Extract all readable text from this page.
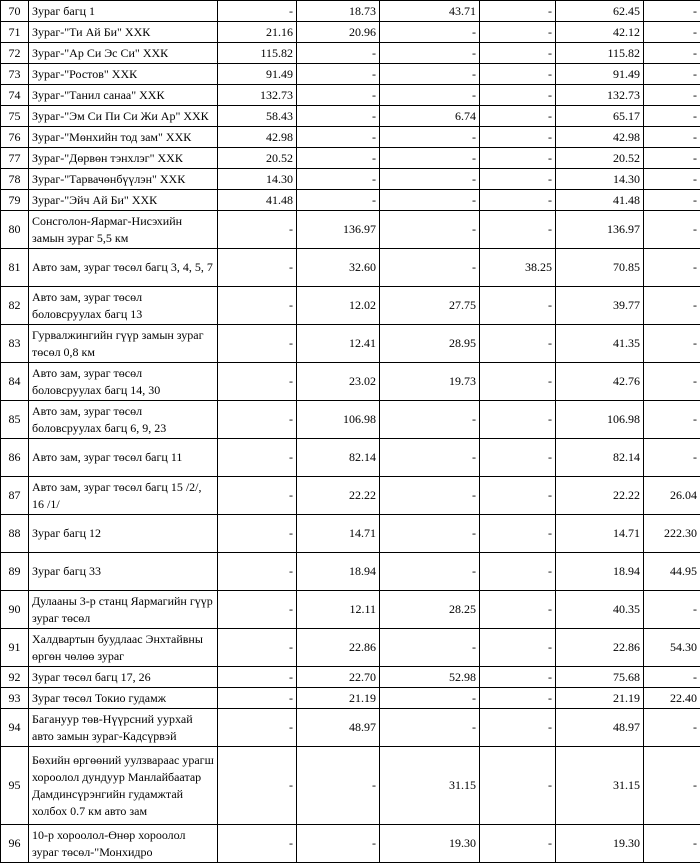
70	Зураг багц 1	-	18.73	43.71	-	62.45	-
71	Зураг-"Ти Ай Би" ХХК	21.16	20.96	-	-	42.12	-
72	Зураг-"Ар Си Эс Си" ХХК	115.82	-	-	-	115.82	-
73	Зураг-"Ростов" ХХК	91.49	-	-	-	91.49	-
74	Зураг-"Танил санаа" ХХК	132.73	-	-	-	132.73	-
75	Зураг-"Эм Си Пи Си Жи Ар" ХХК	58.43	-	6.74	-	65.17	-
76	Зураг-"Мөнхийн тод зам" ХХК	42.98	-	-	-	42.98	-
77	Зураг-"Дөрвөн тэнхлэг" ХХК	20.52	-	-	-	20.52	-
78	Зураг-"Тарвачөнбүүлэн" ХХК	14.30	-	-	-	14.30	-
79	Зураг-"Эйч Ай Би" ХХК	41.48	-	-	-	41.48	-
80	Сонсголон-Яармаг-Нисэхийн замын зураг 5,5 км	-	136.97	-	-	136.97	-
81	Авто зам, зураг төсөл багц 3, 4, 5, 7	-	32.60	-	38.25	70.85	-
82	Авто зам, зураг төсөл боловсруулах багц 13	-	12.02	27.75	-	39.77	-
83	Гурвалжингийн гүүр замын зураг төсөл 0,8 км	-	12.41	28.95	-	41.35	-
84	Авто зам, зураг төсөл боловсруулах багц 14, 30	-	23.02	19.73	-	42.76	-
85	Авто зам, зураг төсөл боловсруулах багц 6, 9, 23	-	106.98	-	-	106.98	-
86	Авто зам, зураг төсөл багц 11	-	82.14	-	-	82.14	-
87	Авто зам, зураг төсөл багц 15 /2/, 16 /1/	-	22.22	-	-	22.22	26.04
88	Зураг багц 12	-	14.71	-	-	14.71	222.30
89	Зураг багц 33	-	18.94	-	-	18.94	44.95
90	Дулааны 3-р станц Яармагийн гүүр зураг төсөл	-	12.11	28.25	-	40.35	-
91	Халдвартын буудлаас Энхтайвны өргөн чөлөө зураг	-	22.86	-	-	22.86	54.30
92	Зураг төсөл багц 17, 26	-	22.70	52.98	-	75.68	-
93	Зураг төсөл Токио гудамж	-	21.19	-	-	21.19	22.40
94	Багануур төв-Нүүрсний уурхай авто замын зураг-Кадсүрвэй	-	48.97	-	-	48.97	-
95	Бөхийн өргөөний уулзвараас урагш хороолол дундуур Манлайбаатар Дамдинсүрэнгийн гудамжтай холбох 0.7 км авто зам	-	-	31.15	-	31.15	-
96	10-р хороолол-Өнөр хороолол зураг төсөл-"Монхидро	-	-	19.30	-	19.30	-
